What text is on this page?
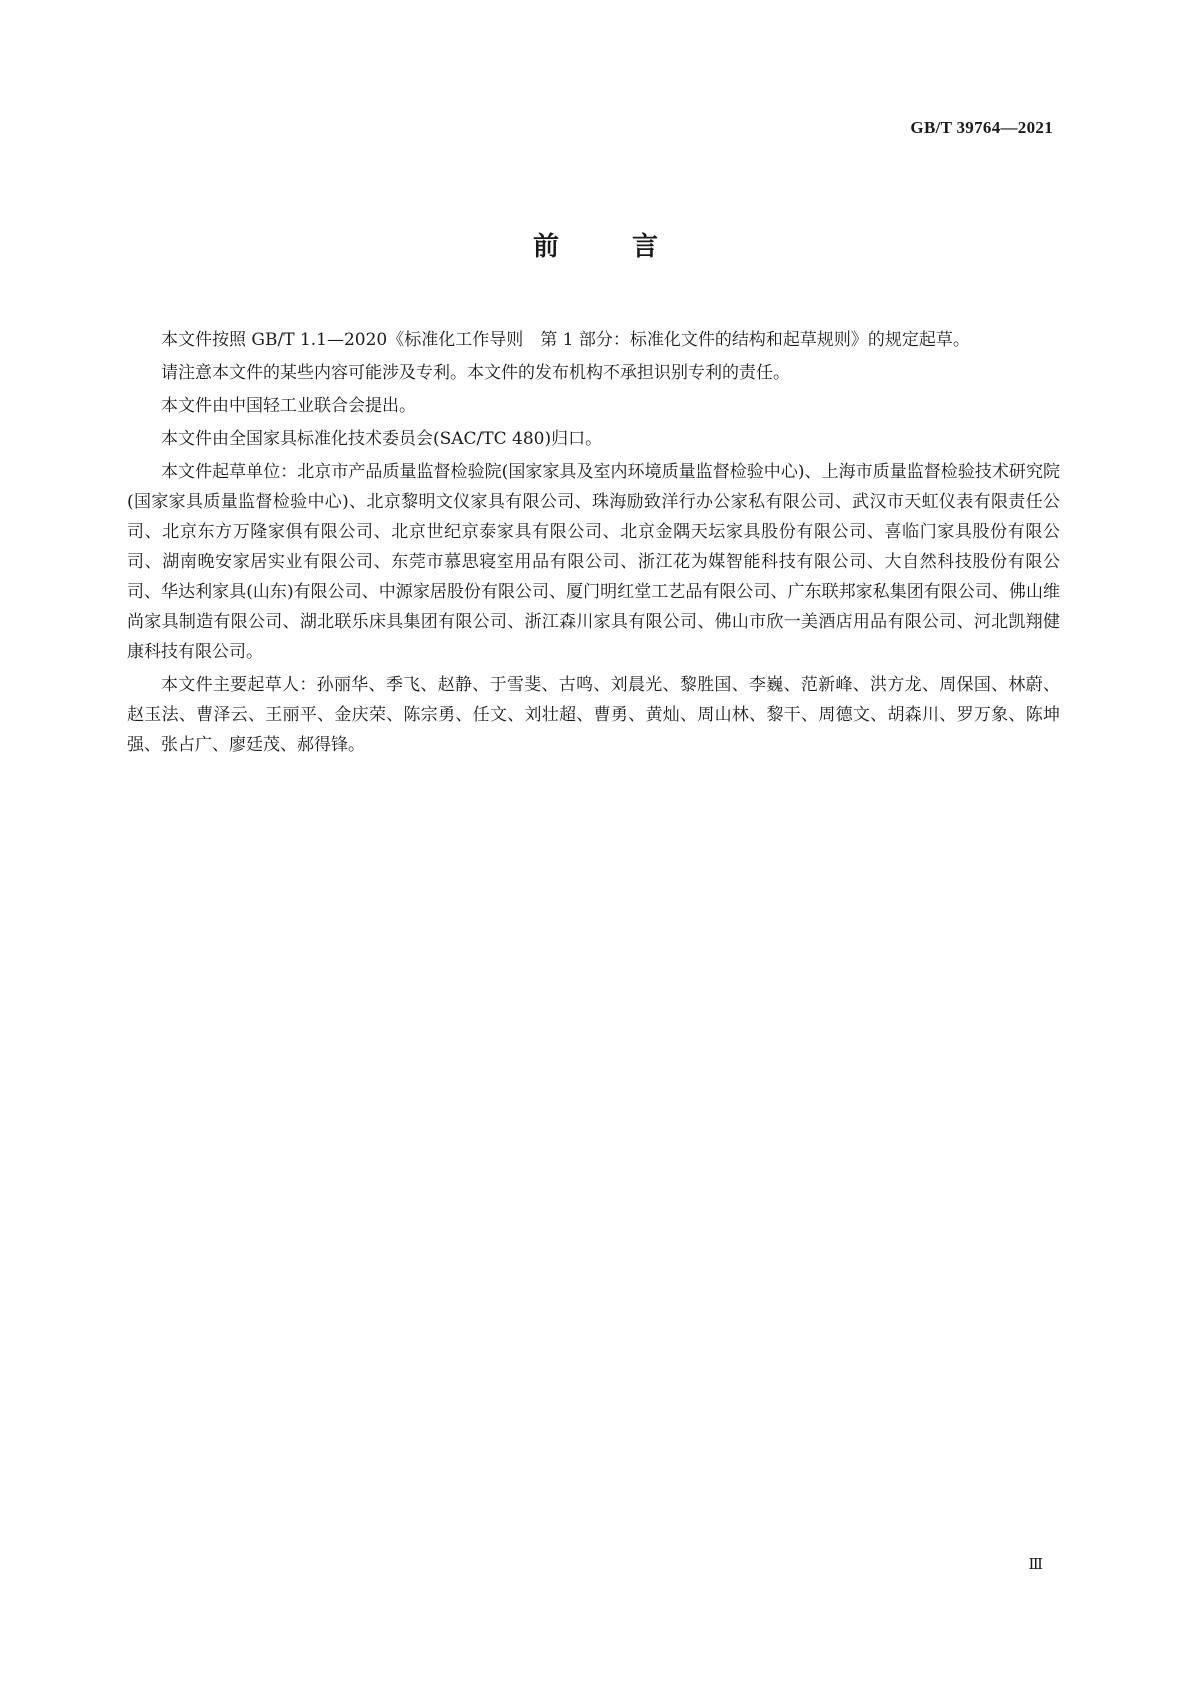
GB/T 39764—2021
前 言

本文件按照 GB/T 1.1—2020《标准化工作导则　第 1 部分：标准化文件的结构和起草规则》的规定起草。

请注意本文件的某些内容可能涉及专利。本文件的发布机构不承担识别专利的责任。

本文件由中国轻工业联合会提出。

本文件由全国家具标准化技术委员会(SAC/TC 480)归口。

本文件起草单位：北京市产品质量监督检验院(国家家具及室内环境质量监督检验中心)、上海市质量监督检验技术研究院(国家家具质量监督检验中心)、北京黎明文仪家具有限公司、珠海励致洋行办公家私有限公司、武汉市天虹仪表有限责任公司、北京东方万隆家俱有限公司、北京世纪京泰家具有限公司、北京金隅天坛家具股份有限公司、喜临门家具股份有限公司、湖南晚安家居实业有限公司、东莞市慕思寝室用品有限公司、浙江花为媒智能科技有限公司、大自然科技股份有限公司、华达利家具(山东)有限公司、中源家居股份有限公司、厦门明红堂工艺品有限公司、广东联邦家私集团有限公司、佛山维尚家具制造有限公司、湖北联乐床具集团有限公司、浙江森川家具有限公司、佛山市欣一美酒店用品有限公司、河北凯翔健康科技有限公司。

本文件主要起草人：孙丽华、季飞、赵静、于雪斐、古鸣、刘晨光、黎胜国、李巍、范新峰、洪方龙、周保国、林蔚、赵玉法、曹泽云、王丽平、金庆荣、陈宗勇、任文、刘壮超、曹勇、黄灿、周山林、黎干、周德文、胡森川、罗万象、陈坤强、张占广、廖廷茂、郝得锋。

Ⅲ
